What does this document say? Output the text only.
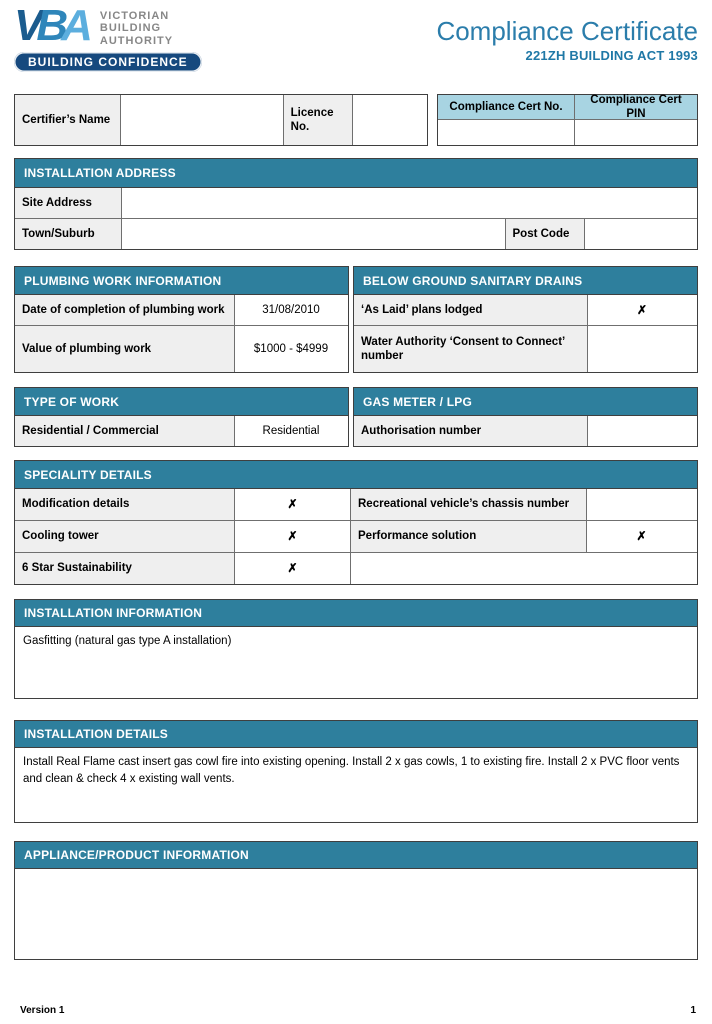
VBA VICTORIAN
BUILDING
AUTHORITY
BUILDING CONFIDENCE
Compliance Certificate
221ZH BUILDING ACT 1993
Certifier’s Name
Licence No.
Compliance Cert No.
Compliance Cert PIN
INSTALLATION ADDRESS
Site Address
Town/Suburb	Post Code
PLUMBING WORK INFORMATION
Date of completion of plumbing work	31/08/2010
Value of plumbing work	$1000 - $4999
BELOW GROUND SANITARY DRAINS
‘As Laid’ plans lodged	✗
Water Authority ‘Consent to Connect’ number
TYPE OF WORK
Residential / Commercial	Residential
GAS METER / LPG
Authorisation number
SPECIALITY DETAILS
Modification details	✗	Recreational vehicle’s chassis number
Cooling tower	✗	Performance solution	✗
6 Star Sustainability	✗
INSTALLATION INFORMATION
Gasfitting (natural gas type A installation)
INSTALLATION DETAILS
Install Real Flame cast insert gas cowl fire into existing opening. Install 2 x gas cowls, 1 to existing fire. Install 2 x PVC floor vents and clean & check 4 x existing wall vents.
APPLIANCE/PRODUCT INFORMATION
Version 1	1
